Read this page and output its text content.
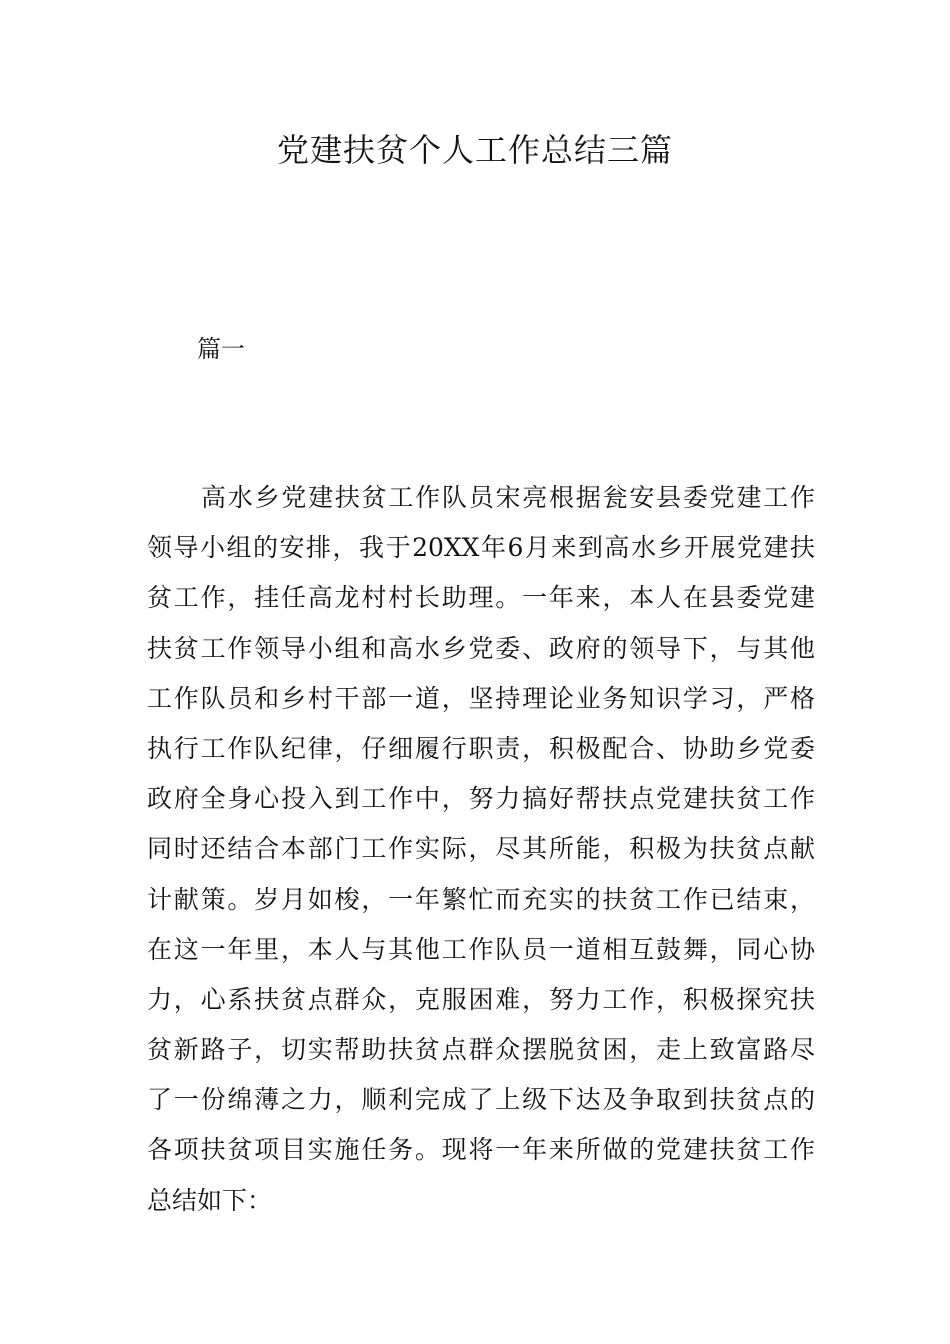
党建扶贫个人工作总结三篇
篇一
高水乡党建扶贫工作队员宋亮根据瓮安县委党建工作
领导小组的安排，我于20XX年6月来到高水乡开展党建扶
贫工作，挂任高龙村村长助理。一年来，本人在县委党建
扶贫工作领导小组和高水乡党委、政府的领导下，与其他
工作队员和乡村干部一道，坚持理论业务知识学习，严格
执行工作队纪律，仔细履行职责，积极配合、协助乡党委
政府全身心投入到工作中，努力搞好帮扶点党建扶贫工作
同时还结合本部门工作实际，尽其所能，积极为扶贫点献
计献策。岁月如梭，一年繁忙而充实的扶贫工作已结束，
在这一年里，本人与其他工作队员一道相互鼓舞，同心协
力，心系扶贫点群众，克服困难，努力工作，积极探究扶
贫新路子，切实帮助扶贫点群众摆脱贫困，走上致富路尽
了一份绵薄之力，顺利完成了上级下达及争取到扶贫点的
各项扶贫项目实施任务。现将一年来所做的党建扶贫工作
总结如下：
